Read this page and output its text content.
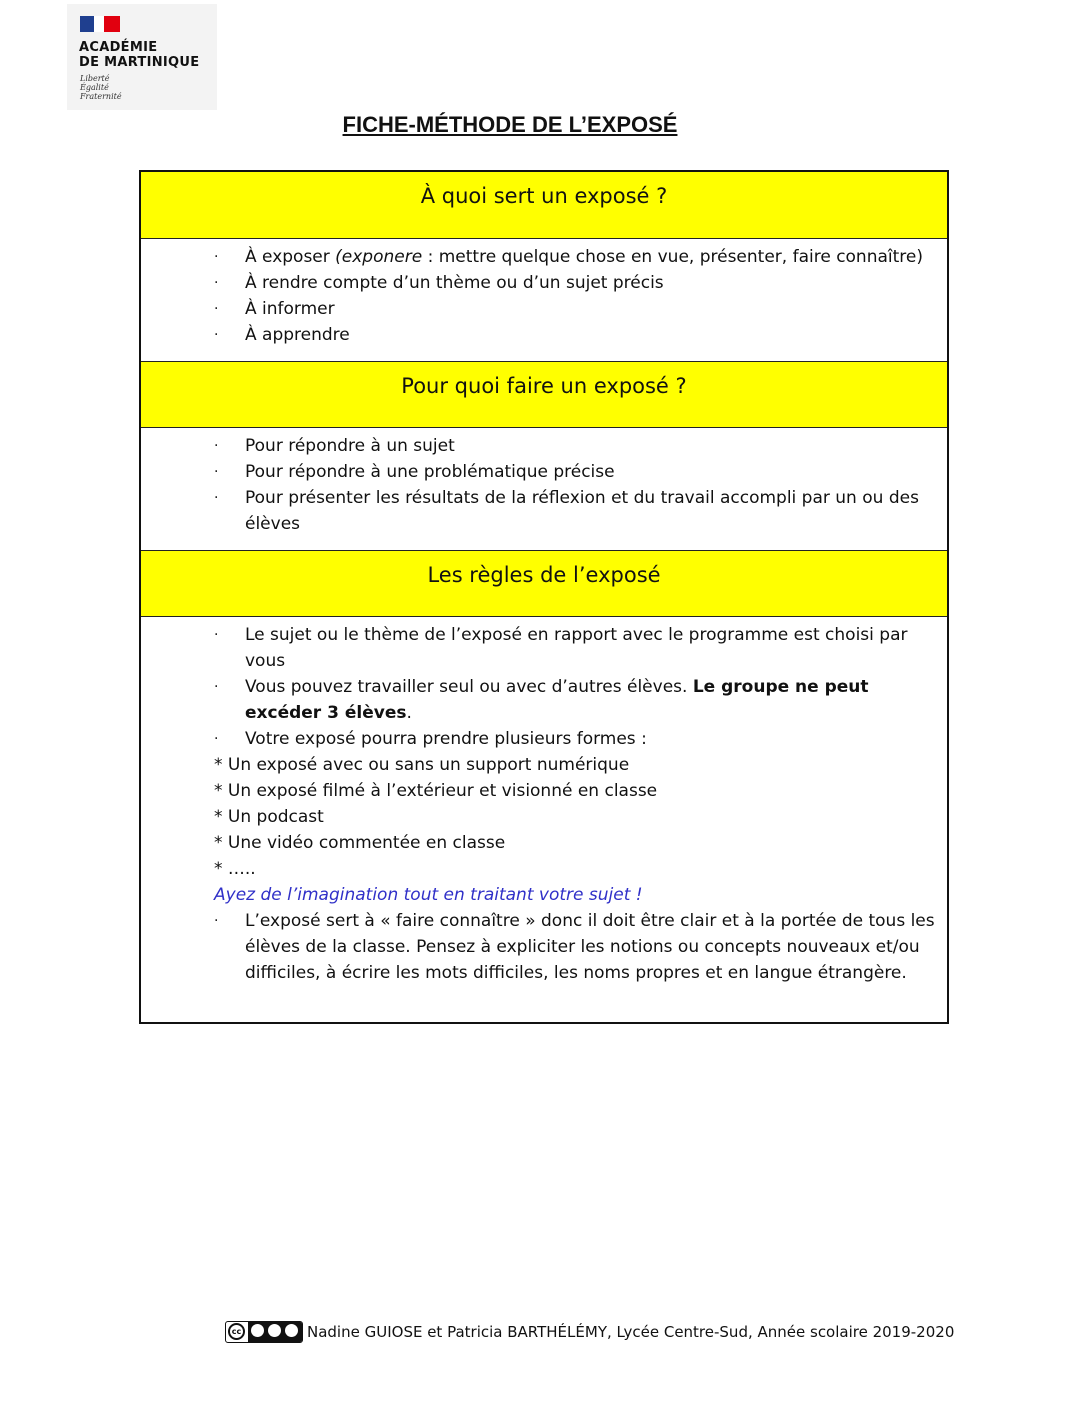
ACADÉMIE
DE MARTINIQUE
Liberté
Égalité
Fraternité
FICHE-MÉTHODE DE L’EXPOSÉ
À quoi sert un exposé ?
·	À exposer (exponere : mettre quelque chose en vue, présenter, faire connaître)
·	À rendre compte d’un thème ou d’un sujet précis
·	À informer
·	À apprendre
Pour quoi faire un exposé ?
·	Pour répondre à un sujet
·	Pour répondre à une problématique précise
·	Pour présenter les résultats de la réflexion et du travail accompli par un ou des élèves
Les règles de l’exposé
·	Le sujet ou le thème de l’exposé en rapport avec le programme est choisi par vous
·	Vous pouvez travailler seul ou avec d’autres élèves. Le groupe ne peut excéder 3 élèves.
·	Votre exposé pourra prendre plusieurs formes :
* Un exposé avec ou sans un support numérique
* Un exposé filmé à l’extérieur et visionné en classe
* Un podcast
* Une vidéo commentée en classe
* …..
Ayez de l’imagination tout en traitant votre sujet !
·	L’exposé sert à « faire connaître » donc il doit être clair et à la portée de tous les élèves de la classe. Pensez à expliciter les notions ou concepts nouveaux et/ou difficiles, à écrire les mots difficiles, les noms propres et en langue étrangère.
cc	Nadine GUIOSE et Patricia BARTHÉLÉMY, Lycée Centre-Sud, Année scolaire 2019-2020
